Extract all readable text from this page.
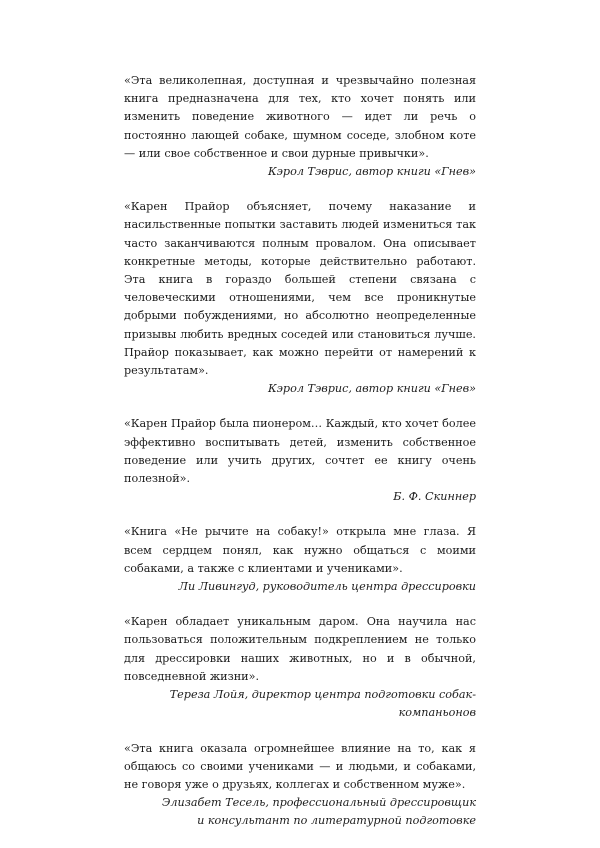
«Эта великолепная, доступная и чрезвычайно полезная книга предназначена для тех, кто хочет понять или изменить поведение животного — идет ли речь о постоянно лающей собаке, шумном соседе, злобном коте — или свое собственное и свои дурные привычки».

Кэрол Тэврис, автор книги «Гнев»

«Карен Прайор объясняет, почему наказание и насильственные попытки заставить людей измениться так часто заканчиваются полным провалом. Она описывает конкретные методы, которые действительно работают. Эта книга в гораздо большей степени связана с человеческими отношениями, чем все проникнутые добрыми побуждениями, но абсолютно неопределенные призывы любить вредных соседей или становиться лучше. Прайор показывает, как можно перейти от намерений к результатам».

Кэрол Тэврис, автор книги «Гнев»

«Карен Прайор была пионером… Каждый, кто хочет более эффективно воспитывать детей, изменить собственное поведение или учить других, сочтет ее книгу очень полезной».

Б. Ф. Скиннер

«Книга «Не рычите на собаку!» открыла мне глаза. Я всем сердцем понял, как нужно общаться с моими собаками, а также с клиентами и учениками».

Ли Ливингуд, руководитель центра дрессировки

«Карен обладает уникальным даром. Она научила нас пользоваться положительным подкреплением не только для дрессировки наших животных, но и в обычной, повседневной жизни».

Тереза Лойя, директор центра подготовки собак-компаньонов

«Эта книга оказала огромнейшее влияние на то, как я общаюсь со своими учениками — и людьми, и собаками, не говоря уже о друзьях, коллегах и собственном муже».

Элизабет Тесель, профессиональный дрессировщик

и консультант по литературной подготовке
